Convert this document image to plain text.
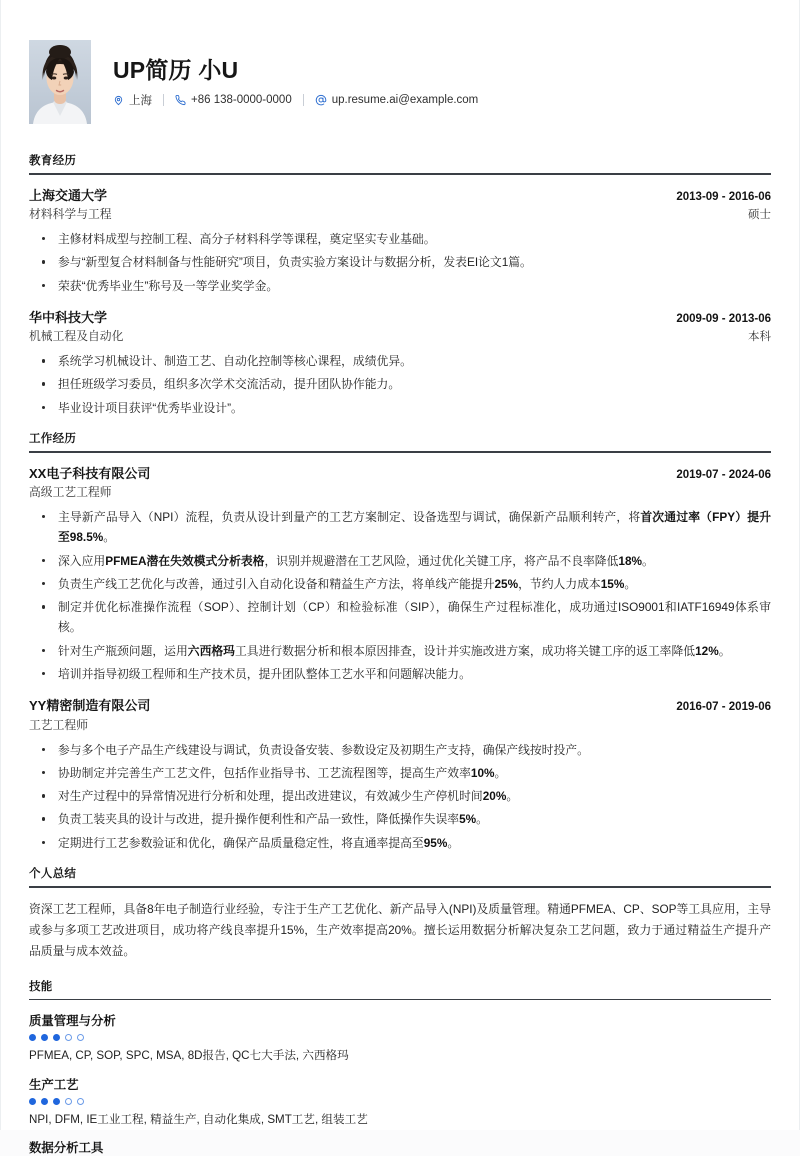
UP简历 小U
上海	+86 138-0000-0000	up.resume.ai@example.com
教育经历
上海交通大学	2013-09 - 2016-06
材料科学与工程	硕士
主修材料成型与控制工程、高分子材料科学等课程，奠定坚实专业基础。
参与“新型复合材料制备与性能研究”项目，负责实验方案设计与数据分析，发表EI论文1篇。
荣获“优秀毕业生”称号及一等学业奖学金。
华中科技大学	2009-09 - 2013-06
机械工程及自动化	本科
系统学习机械设计、制造工艺、自动化控制等核心课程，成绩优异。
担任班级学习委员，组织多次学术交流活动，提升团队协作能力。
毕业设计项目获评“优秀毕业设计”。
工作经历
XX电子科技有限公司	2019-07 - 2024-06
高级工艺工程师
主导新产品导入（NPI）流程，负责从设计到量产的工艺方案制定、设备选型与调试，确保新产品顺利转产，将首次通过率（FPY）提升至98.5%。
深入应用PFMEA潜在失效模式分析表格，识别并规避潜在工艺风险，通过优化关键工序，将产品不良率降低18%。
负责生产线工艺优化与改善，通过引入自动化设备和精益生产方法，将单线产能提升25%，节约人力成本15%。
制定并优化标准操作流程（SOP）、控制计划（CP）和检验标准（SIP），确保生产过程标准化，成功通过ISO9001和IATF16949体系审核。
针对生产瓶颈问题，运用六西格玛工具进行数据分析和根本原因排查，设计并实施改进方案，成功将关键工序的返工率降低12%。
培训并指导初级工程师和生产技术员，提升团队整体工艺水平和问题解决能力。
YY精密制造有限公司	2016-07 - 2019-06
工艺工程师
参与多个电子产品生产线建设与调试，负责设备安装、参数设定及初期生产支持，确保产线按时投产。
协助制定并完善生产工艺文件，包括作业指导书、工艺流程图等，提高生产效率10%。
对生产过程中的异常情况进行分析和处理，提出改进建议，有效减少生产停机时间20%。
负责工装夹具的设计与改进，提升操作便利性和产品一致性，降低操作失误率5%。
定期进行工艺参数验证和优化，确保产品质量稳定性，将直通率提高至95%。
个人总结
资深工艺工程师，具备8年电子制造行业经验，专注于生产工艺优化、新产品导入(NPI)及质量管理。精通PFMEA、CP、SOP等工具应用，主导或参与多项工艺改进项目，成功将产线良率提升15%，生产效率提高20%。擅长运用数据分析解决复杂工艺问题，致力于通过精益生产提升产品质量与成本效益。
技能
质量管理与分析
PFMEA, CP, SOP, SPC, MSA, 8D报告, QC七大手法, 六西格玛
生产工艺
NPI, DFM, IE工业工程, 精益生产, 自动化集成, SMT工艺, 组装工艺
数据分析工具
